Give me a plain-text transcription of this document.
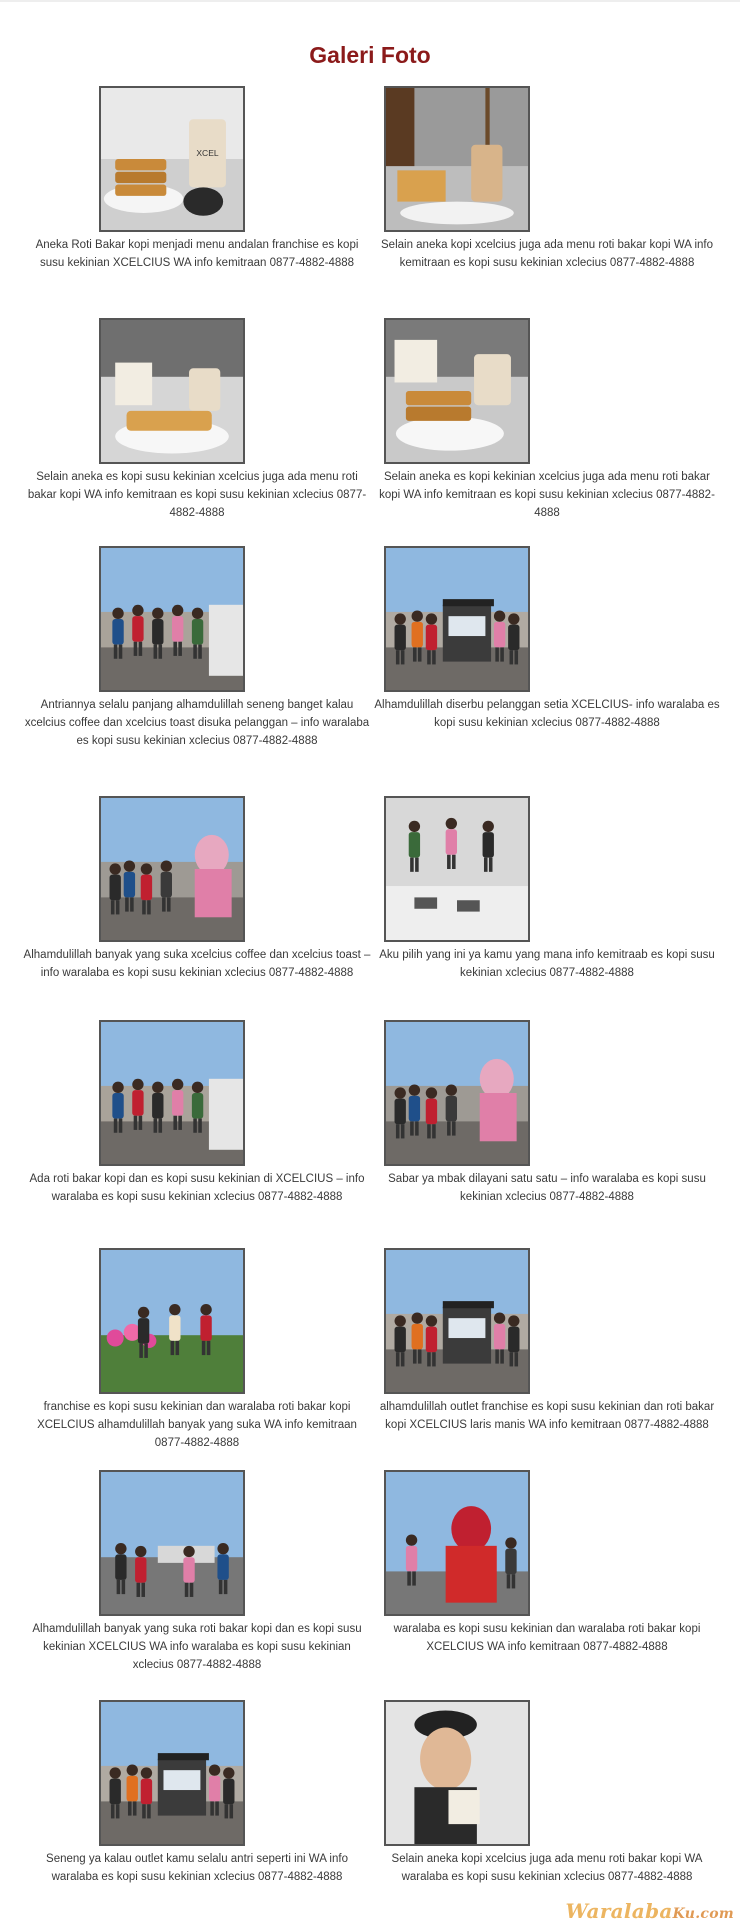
Galeri Foto
XCEL

Aneka Roti Bakar kopi menjadi menu andalan franchise es kopi susu kekinian XCELCIUS WA info kemitraan 0877-4882-4888

Selain aneka kopi xcelcius juga ada menu roti bakar kopi WA info kemitraan es kopi susu kekinian xclecius 0877-4882-4888

Selain aneka es kopi susu kekinian xcelcius juga ada menu roti bakar kopi WA info kemitraan es kopi susu kekinian xclecius 0877-4882-4888

Selain aneka es kopi kekinian xcelcius juga ada menu roti bakar kopi WA info kemitraan es kopi susu kekinian xclecius 0877-4882-4888

Antriannya selalu panjang alhamdulillah seneng banget kalau xcelcius coffee dan xcelcius toast disuka pelanggan – info waralaba es kopi susu kekinian xclecius 0877-4882-4888

Alhamdulillah diserbu pelanggan setia XCELCIUS- info waralaba es kopi susu kekinian xclecius 0877-4882-4888

Alhamdulillah banyak yang suka xcelcius coffee dan xcelcius toast – info waralaba es kopi susu kekinian xclecius 0877-4882-4888

Aku pilih yang ini ya kamu yang mana info kemitraab es kopi susu kekinian xclecius 0877-4882-4888

Ada roti bakar kopi dan es kopi susu kekinian di XCELCIUS – info waralaba es kopi susu kekinian xclecius 0877-4882-4888

Sabar ya mbak dilayani satu satu – info waralaba es kopi susu kekinian xclecius 0877-4882-4888

franchise es kopi susu kekinian dan waralaba roti bakar kopi XCELCIUS alhamdulillah banyak yang suka WA info kemitraan 0877-4882-4888

alhamdulillah outlet franchise es kopi susu kekinian dan roti bakar kopi XCELCIUS laris manis WA info kemitraan 0877-4882-4888

Alhamdulillah banyak yang suka roti bakar kopi dan es kopi susu kekinian XCELCIUS WA info waralaba es kopi susu kekinian xclecius 0877-4882-4888

waralaba es kopi susu kekinian dan waralaba roti bakar kopi XCELCIUS WA info kemitraan 0877-4882-4888

Seneng ya kalau outlet kamu selalu antri seperti ini WA info waralaba es kopi susu kekinian xclecius 0877-4882-4888

Selain aneka kopi xcelcius juga ada menu roti bakar kopi WA waralaba es kopi susu kekinian xclecius 0877-4882-4888

WaralabaKu.com
